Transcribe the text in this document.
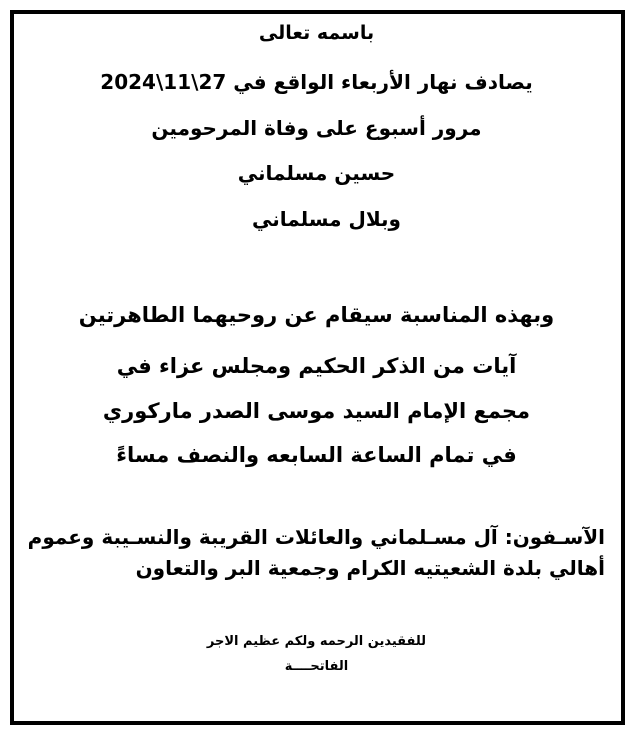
باسمه تعالى
يصادف نهار الأربعاء الواقع في 27\11\2024
مرور أسبوع على وفاة المرحومين
حسين مسلماني
وبلال مسلماني
وبهذه المناسبة سيقام عن روحيهما الطاهرتين
آيات من الذكر الحكيم ومجلس عزاء في
مجمع الإمام السيد موسى الصدر ماركوري
في تمام الساعة السابعه والنصف مساءً
الآسـفون: آل مسـلماني والعائلات القريبة والنسـيبة وعموم
أهالي بلدة الشعيتيه الكرام وجمعية البر والتعاون
للفقيدين الرحمه ولكم عظيم الاجر
الفاتحــــة
